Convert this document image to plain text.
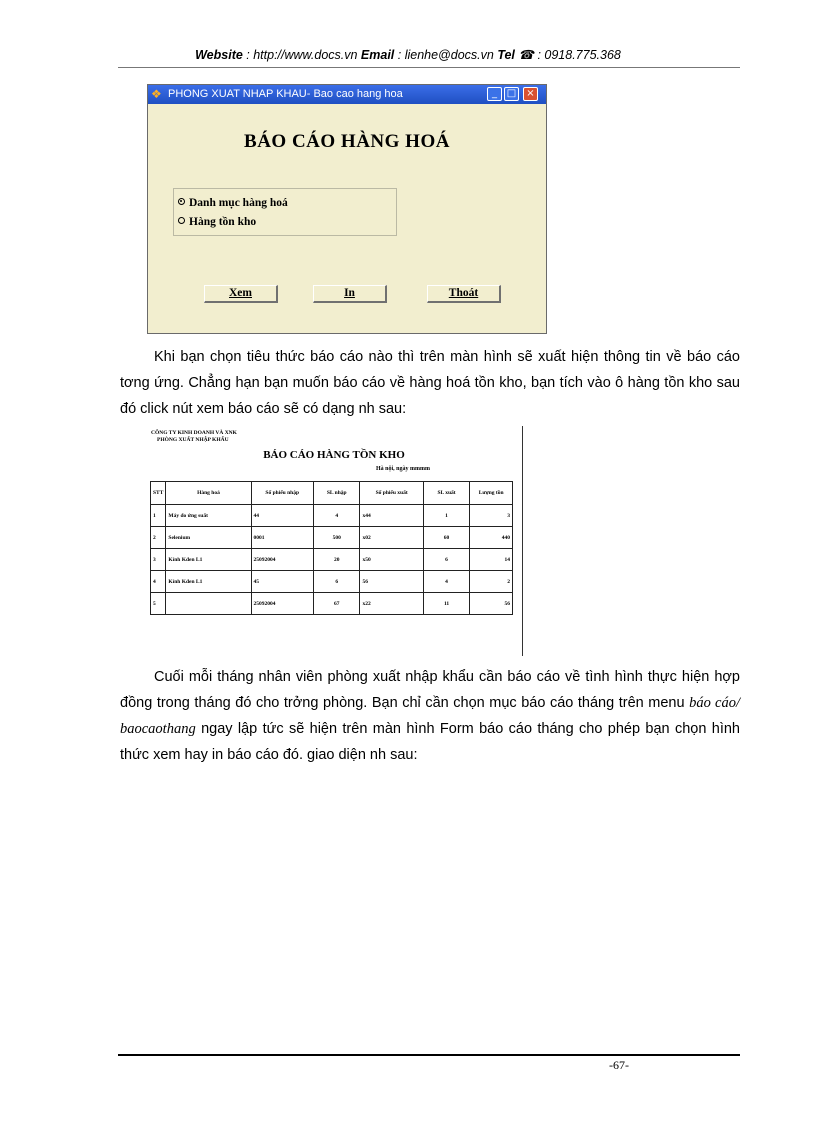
Website : http://www.docs.vn Email : lienhe@docs.vn Tel ☎ : 0918.775.368
❖ PHONG XUAT NHAP KHAU- Bao cao hang hoa	_ □	×
BÁO CÁO HÀNG HOÁ
Danh mục hàng hoá
Hàng tồn kho
Xem	In	Thoát

Khi bạn chọn tiêu thức báo cáo nào thì trên màn hình sẽ xuất hiện thông tin về báo cáo tơng ứng. Chẳng hạn bạn muốn báo cáo về hàng hoá tồn kho, bạn tích vào ô hàng tồn kho sau đó click nút xem báo cáo sẽ có dạng nh sau:

CÔNG TY KINH DOANH VÀ XNK
PHÒNG XUẤT NHẬP KHẨU
BÁO CÁO HÀNG TỒN KHO
Hà nội, ngày mmmm
STT	Hàng hoá	Số phiếu nhập	SL nhập	Số phiếu xuất	SL xuất	Lượng tồn
1	Máy đo ứng suất	44	4	x44	1	3
2	Selenium	0001	500	x02	60	440
3	Kính Kđen L1	25092004	20	x50	6	14
4	Kính Kđen L1	45	6	56	4	2
5		25092004	67	x22	11	56

Cuối mỗi tháng nhân viên phòng xuất nhập khẩu cần báo cáo về tình hình thực hiện hợp đồng trong tháng đó cho trởng phòng. Bạn chỉ cần chọn mục báo cáo tháng trên menu báo cáo/ baocaothang ngay lập tức sẽ hiện trên màn hình Form báo cáo tháng cho phép bạn chọn hình thức xem hay in báo cáo đó. giao diện nh sau:

-67-
